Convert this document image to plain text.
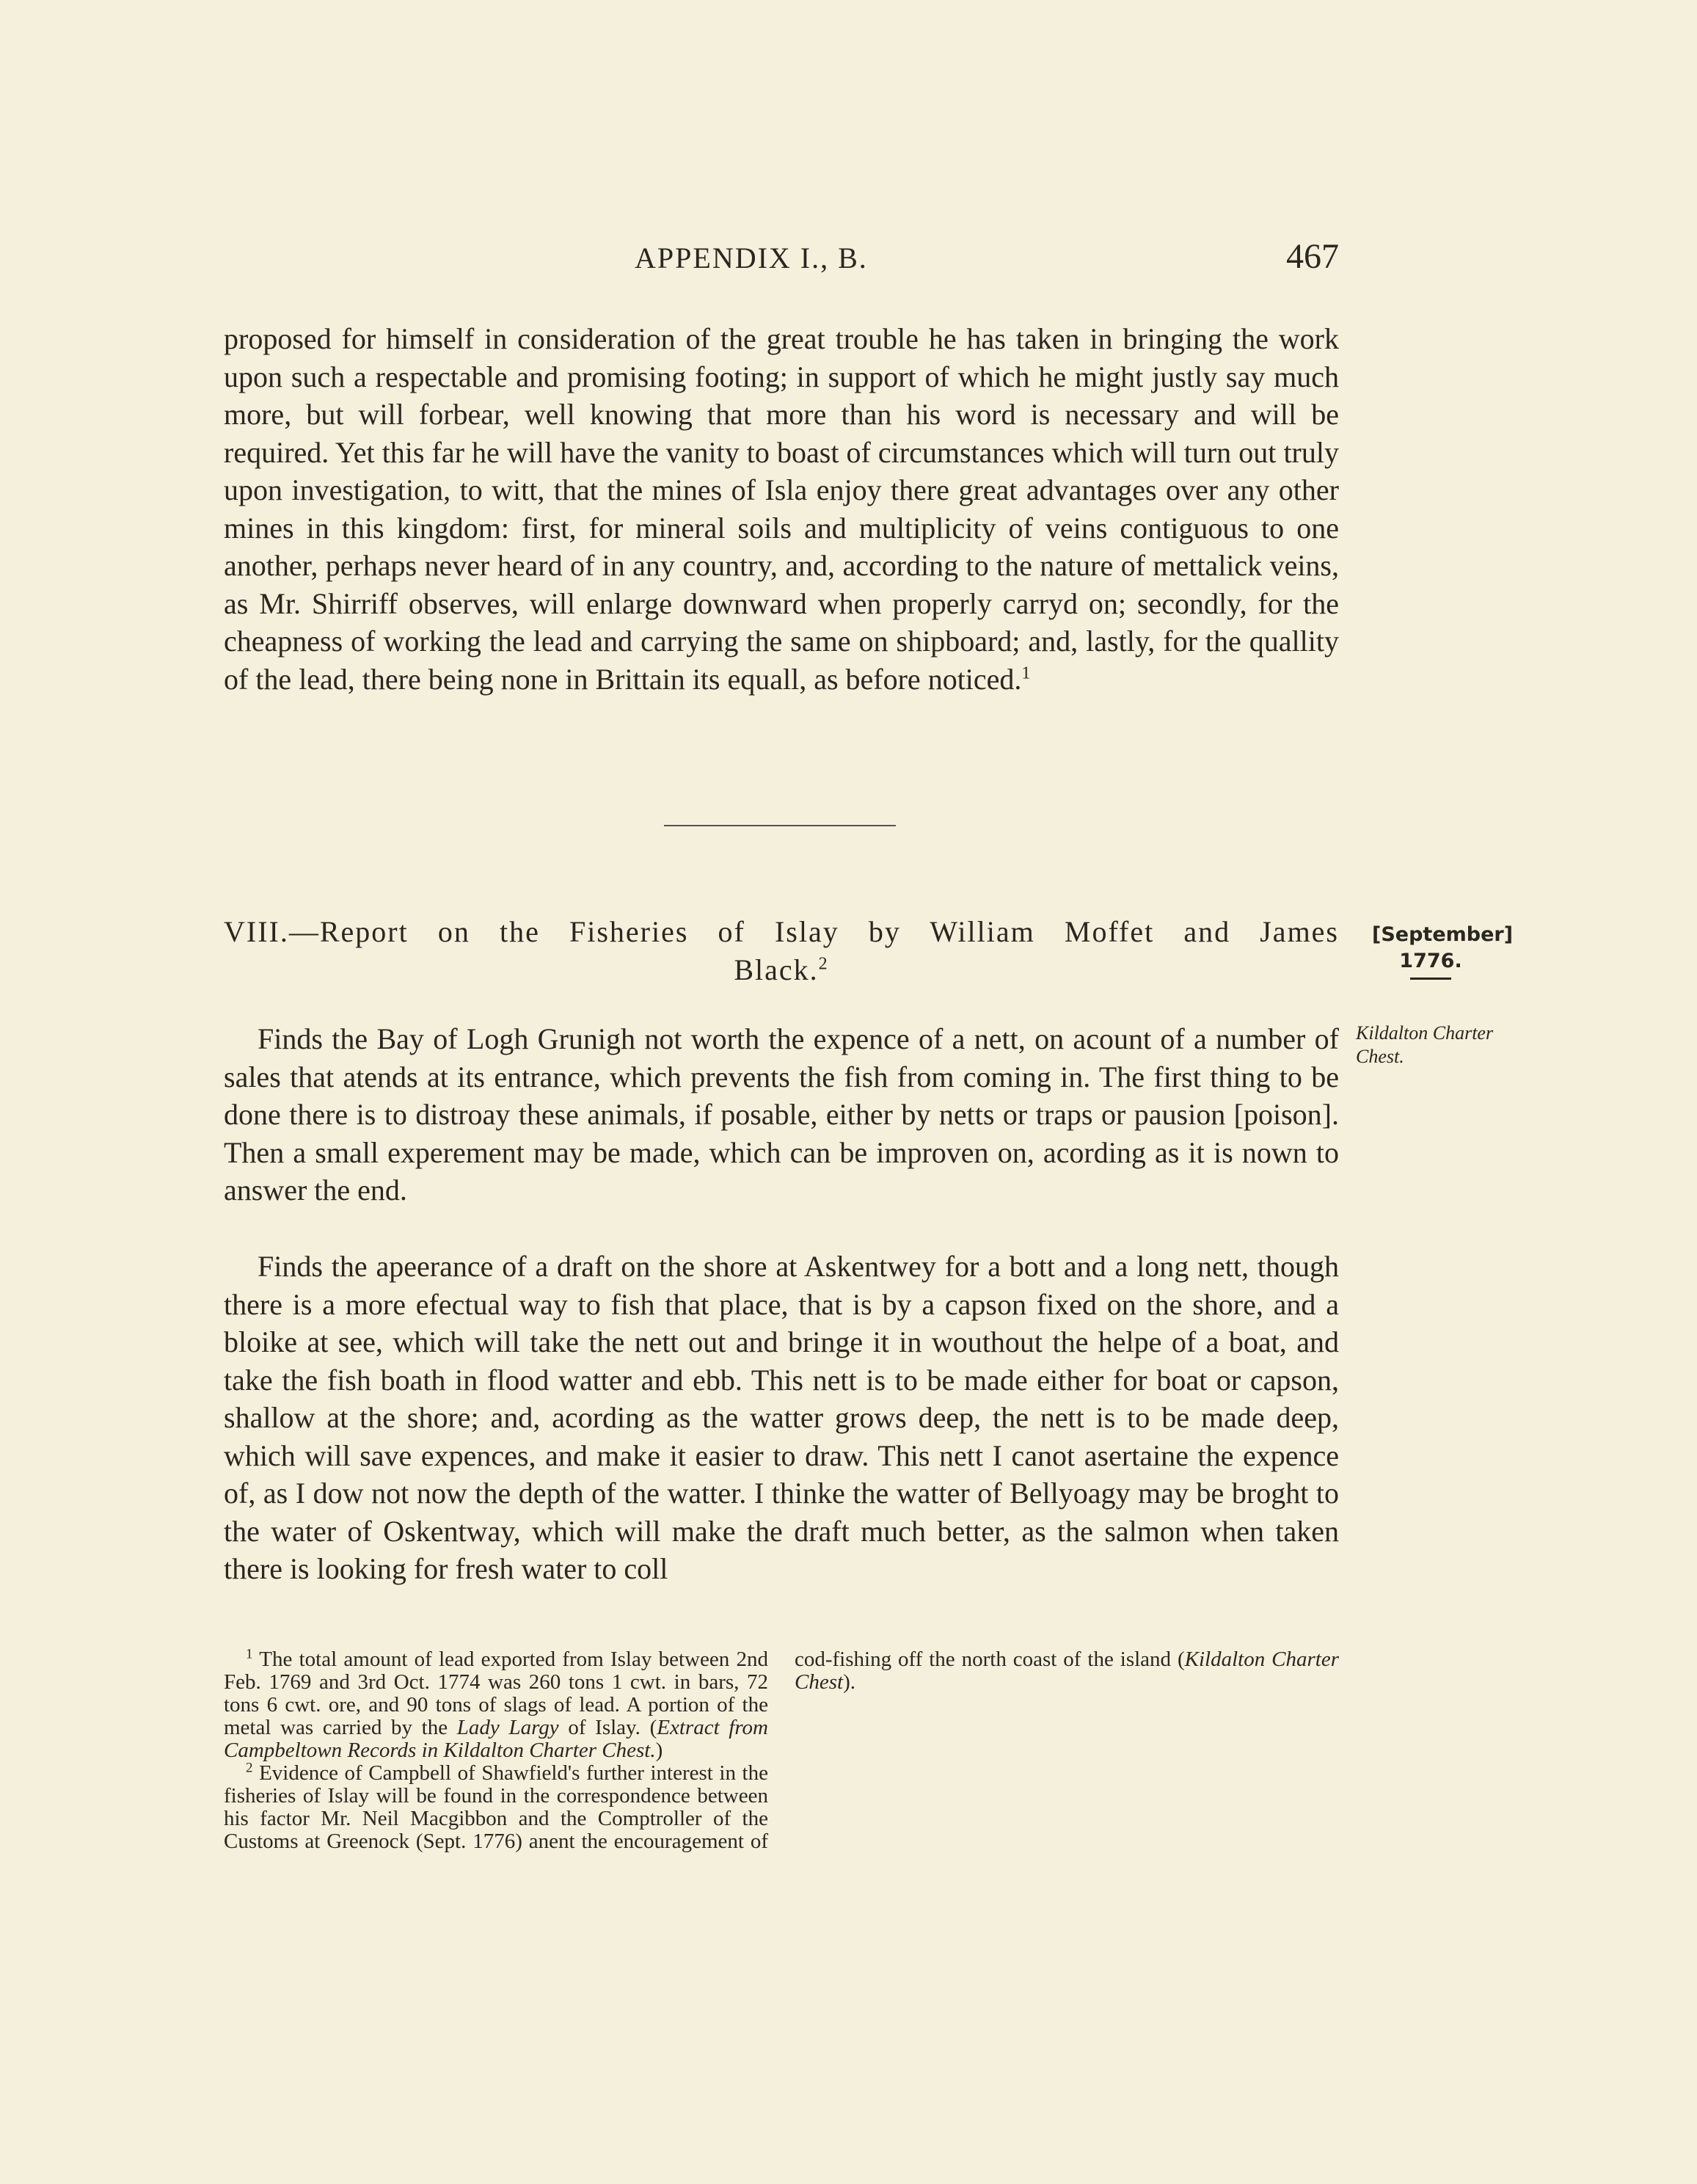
APPENDIX I., B.	467

proposed for himself in consideration of the great trouble he has taken in bringing the work upon such a respectable and promising footing; in support of which he might justly say much more, but will forbear, well knowing that more than his word is necessary and will be required. Yet this far he will have the vanity to boast of circumstances which will turn out truly upon investigation, to witt, that the mines of Isla enjoy there great advantages over any other mines in this kingdom: first, for mineral soils and multiplicity of veins contiguous to one another, perhaps never heard of in any country, and, according to the nature of mettalick veins, as Mr. Shirriff observes, will enlarge downward when properly carryd on; secondly, for the cheapness of working the lead and carrying the same on shipboard; and, lastly, for the quallity of the lead, there being none in Brittain its equall, as before noticed.$^1$

VIII.—Report on the Fisheries of Islay by William Moffet and James
Black.$^2$
[September]
1776.
Kildalton Charter
Chest.

Finds the Bay of Logh Grunigh not worth the expence of a nett, on acount of a number of sales that atends at its entrance, which prevents the fish from coming in. The first thing to be done there is to distroay these animals, if posable, either by netts or traps or pausion [poison]. Then a small experement may be made, which can be improven on, acording as it is nown to answer the end.

Finds the apeerance of a draft on the shore at Askentwey for a bott and a long nett, though there is a more efectual way to fish that place, that is by a capson fixed on the shore, and a bloike at see, which will take the nett out and bringe it in wouthout the helpe of a boat, and take the fish boath in flood watter and ebb. This nett is to be made either for boat or capson, shallow at the shore; and, acording as the watter grows deep, the nett is to be made deep, which will save expences, and make it easier to draw. This nett I canot asertaine the expence of, as I dow not now the depth of the watter. I thinke the watter of Bellyoagy may be broght to the water of Oskentway, which will make the draft much better, as the salmon when taken there is looking for fresh water to coll

$^1$ The total amount of lead exported from Islay between 2nd Feb. 1769 and 3rd Oct. 1774 was 260 tons 1 cwt. in bars, 72 tons 6 cwt. ore, and 90 tons of slags of lead. A portion of the metal was carried by the Lady Largy of Islay. (Extract from Campbeltown Records in Kildalton Charter Chest.)

$^2$ Evidence of Campbell of Shawfield's further interest in the fisheries of Islay will be found in the correspondence between his factor Mr. Neil Macgibbon and the Comptroller of the Customs at Greenock (Sept. 1776) anent the encouragement of cod-fishing off the north coast of the island (Kildalton Charter Chest).
